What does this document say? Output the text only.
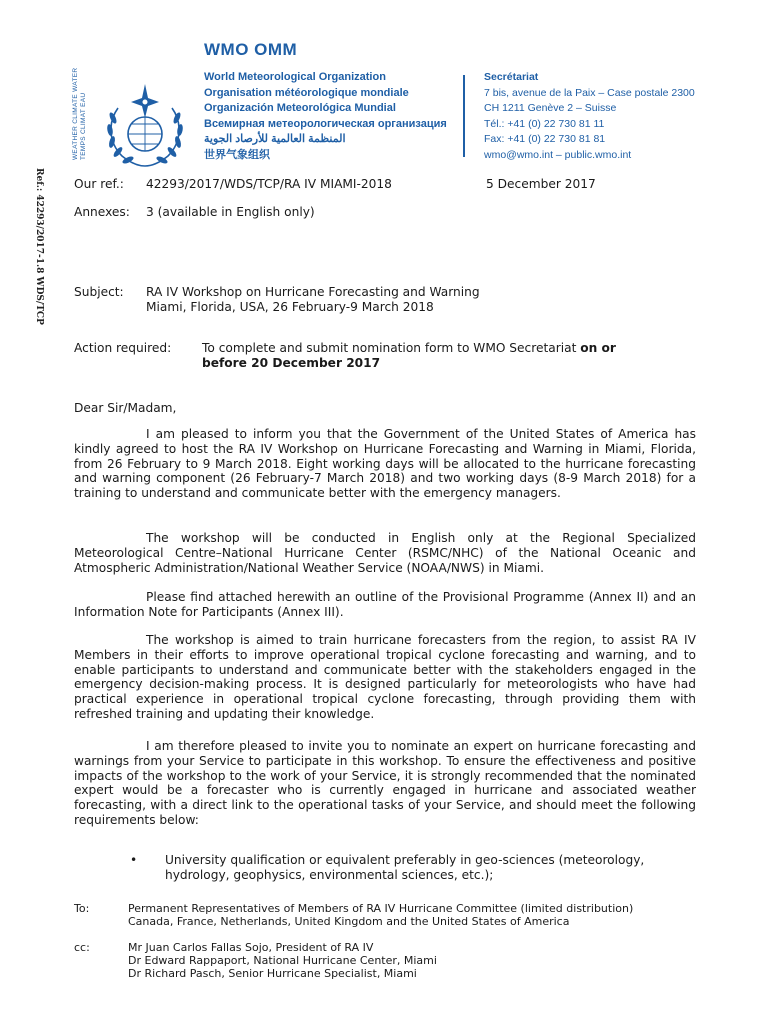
Ref.: 42293/2017-1.8 WDS/TCP
WEATHER CLIMATE WATER TEMPS CLIMAT EAU
WMO OMM
World Meteorological Organization
Organisation météorologique mondiale
Organización Meteorológica Mundial
Всемирная метеорологическая организация
المنظمة العالمية للأرصاد الجوية
世界气象组织
Secrétariat
7 bis, avenue de la Paix – Case postale 2300
CH 1211 Genève 2 – Suisse
Tél.: +41 (0) 22 730 81 11
Fax: +41 (0) 22 730 81 81
wmo@wmo.int – public.wmo.int
Our ref.: 42293/2017/WDS/TCP/RA IV MIAMI-2018	5 December 2017
Annexes: 3 (available in English only)
Subject: RA IV Workshop on Hurricane Forecasting and Warning
Miami, Florida, USA, 26 February-9 March 2018
Action required:	To complete and submit nomination form to WMO Secretariat on or
before 20 December 2017
Dear Sir/Madam,
I am pleased to inform you that the Government of the United States of America has kindly agreed to host the RA IV Workshop on Hurricane Forecasting and Warning in Miami, Florida, from 26 February to 9 March 2018. Eight working days will be allocated to the hurricane forecasting and warning component (26 February-7 March 2018) and two working days (8-9 March 2018) for a training to understand and communicate better with the emergency managers.
The workshop will be conducted in English only at the Regional Specialized Meteorological Centre–National Hurricane Center (RSMC/NHC) of the National Oceanic and Atmospheric Administration/National Weather Service (NOAA/NWS) in Miami.
Please find attached herewith an outline of the Provisional Programme (Annex II) and an Information Note for Participants (Annex III).
The workshop is aimed to train hurricane forecasters from the region, to assist RA IV Members in their efforts to improve operational tropical cyclone forecasting and warning, and to enable participants to understand and communicate better with the stakeholders engaged in the emergency decision-making process. It is designed particularly for meteorologists who have had practical experience in operational tropical cyclone forecasting, through providing them with refreshed training and updating their knowledge.
I am therefore pleased to invite you to nominate an expert on hurricane forecasting and warnings from your Service to participate in this workshop. To ensure the effectiveness and positive impacts of the workshop to the work of your Service, it is strongly recommended that the nominated expert would be a forecaster who is currently engaged in hurricane and associated weather forecasting, with a direct link to the operational tasks of your Service, and should meet the following requirements below:
• University qualification or equivalent preferably in geo-sciences (meteorology,
hydrology, geophysics, environmental sciences, etc.);
To:	Permanent Representatives of Members of RA IV Hurricane Committee (limited distribution)
Canada, France, Netherlands, United Kingdom and the United States of America
cc:	Mr Juan Carlos Fallas Sojo, President of RA IV
Dr Edward Rappaport, National Hurricane Center, Miami
Dr Richard Pasch, Senior Hurricane Specialist, Miami
